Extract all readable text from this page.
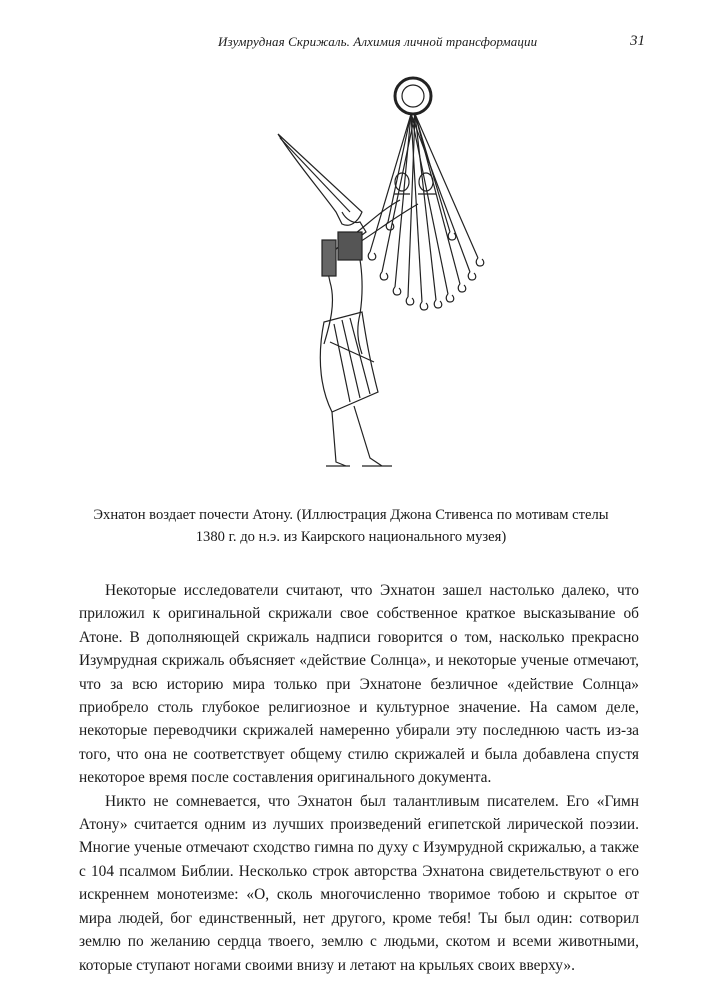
Изумрудная Скрижаль. Алхимия личной трансформации	31
Эхнатон воздает почести Атону. (Иллюстрация Джона Стивенса по мотивам стелы
1380 г. до н.э. из Каирского национального музея)

Некоторые исследователи считают, что Эхнатон зашел настолько далеко, что приложил к оригинальной скрижали свое собственное краткое высказывание об Атоне. В дополняющей скрижаль надписи говорится о том, насколько прекрасно Изумрудная скрижаль объясняет «действие Солнца», и некоторые ученые отмечают, что за всю историю мира только при Эхнатоне безличное «действие Солнца» приобрело столь глубокое религиозное и культурное значение. На самом деле, некоторые переводчики скрижалей намеренно убирали эту последнюю часть из-за того, что она не соответствует общему стилю скрижалей и была добавлена спустя некоторое время после составления оригинального документа.

Никто не сомневается, что Эхнатон был талантливым писателем. Его «Гимн Атону» считается одним из лучших произведений египетской лирической поэзии. Многие ученые отмечают сходство гимна по духу с Изумрудной скрижалью, а также с 104 псалмом Библии. Несколько строк авторства Эхнатона свидетельствуют о его искреннем монотеизме: «О, сколь многочисленно творимое тобою и скрытое от мира людей, бог единственный, нет другого, кроме тебя! Ты был один: сотворил землю по желанию сердца твоего, землю с людьми, скотом и всеми животными, которые ступают ногами своими внизу и летают на крыльях своих вверху».
